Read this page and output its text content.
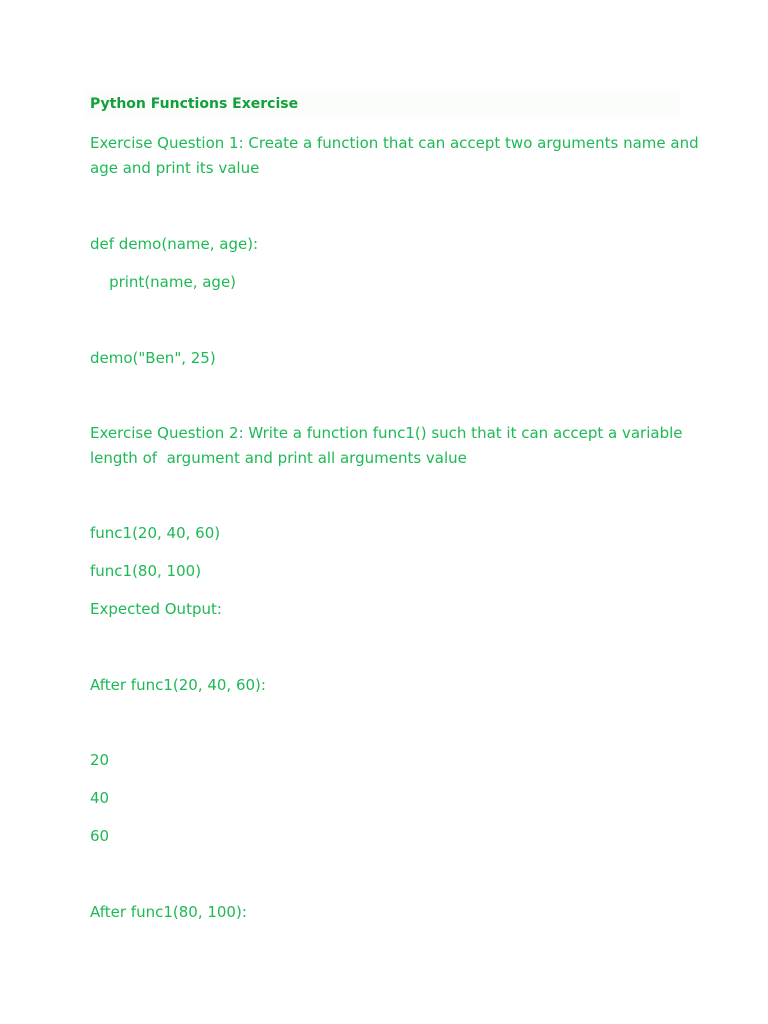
Python Functions Exercise
Exercise Question 1: Create a function that can accept two arguments name and
age and print its value
def demo(name, age):
print(name, age)
demo("Ben", 25)
Exercise Question 2: Write a function func1() such that it can accept a variable
length of  argument and print all arguments value
func1(20, 40, 60)
func1(80, 100)
Expected Output:
After func1(20, 40, 60):
20
40
60
After func1(80, 100):
